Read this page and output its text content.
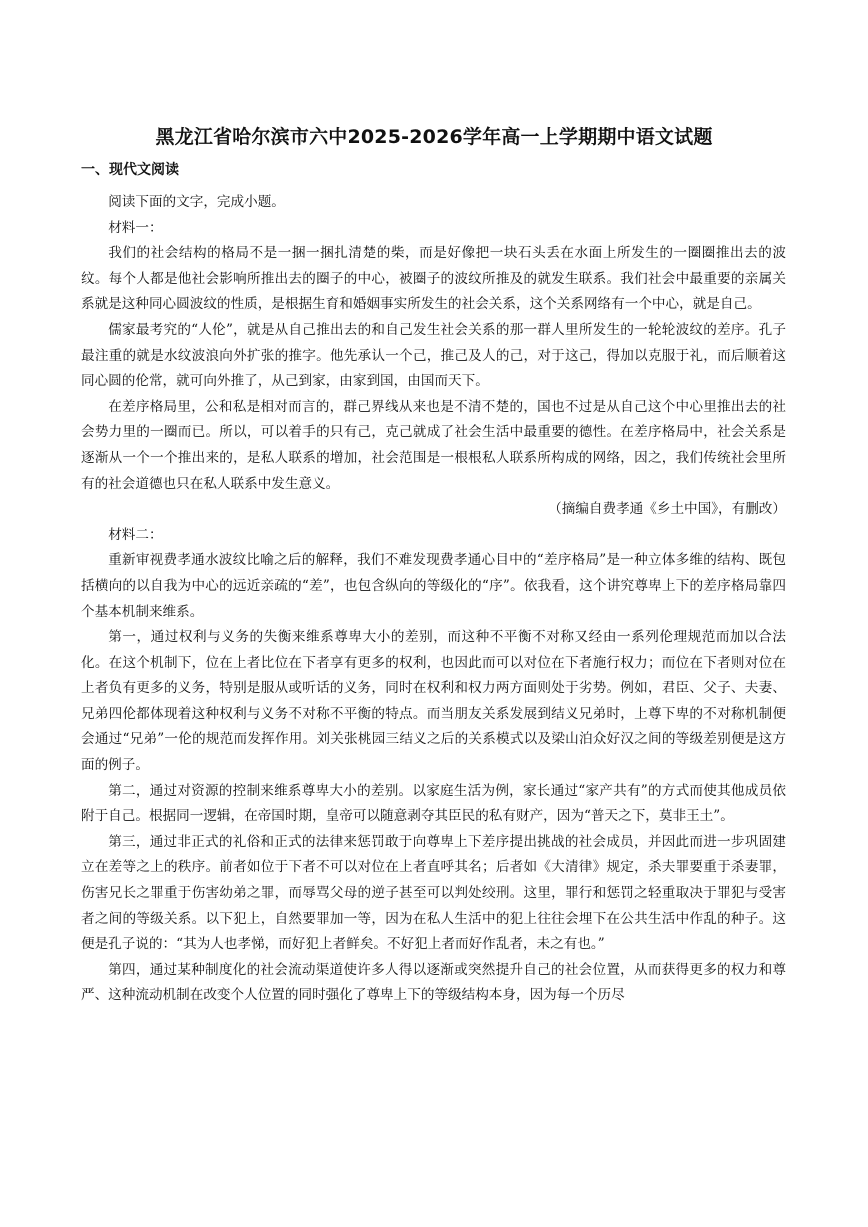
黑龙江省哈尔滨市六中2025-2026学年高一上学期期中语文试题
一、现代文阅读

阅读下面的文字，完成小题。

材料一：

我们的社会结构的格局不是一捆一捆扎清楚的柴，而是好像把一块石头丢在水面上所发生的一圈圈推出去的波纹。每个人都是他社会影响所推出去的圈子的中心，被圈子的波纹所推及的就发生联系。我们社会中最重要的亲属关系就是这种同心圆波纹的性质，是根据生育和婚姻事实所发生的社会关系，这个关系网络有一个中心，就是自己。

儒家最考究的“人伦”，就是从自己推出去的和自己发生社会关系的那一群人里所发生的一轮轮波纹的差序。孔子最注重的就是水纹波浪向外扩张的推字。他先承认一个己，推己及人的己，对于这己，得加以克服于礼，而后顺着这同心圆的伦常，就可向外推了，从己到家，由家到国，由国而天下。

在差序格局里，公和私是相对而言的，群己界线从来也是不清不楚的，国也不过是从自己这个中心里推出去的社会势力里的一圈而已。所以，可以着手的只有己，克己就成了社会生活中最重要的德性。在差序格局中，社会关系是逐渐从一个一个推出来的，是私人联系的增加，社会范围是一根根私人联系所构成的网络，因之，我们传统社会里所有的社会道德也只在私人联系中发生意义。

（摘编自费孝通《乡土中国》，有删改）

材料二：

重新审视费孝通水波纹比喻之后的解释，我们不难发现费孝通心目中的“差序格局”是一种立体多维的结构、既包括横向的以自我为中心的远近亲疏的“差”，也包含纵向的等级化的“序”。依我看，这个讲究尊卑上下的差序格局靠四个基本机制来维系。

第一，通过权利与义务的失衡来维系尊卑大小的差别，而这种不平衡不对称又经由一系列伦理规范而加以合法化。在这个机制下，位在上者比位在下者享有更多的权利，也因此而可以对位在下者施行权力；而位在下者则对位在上者负有更多的义务，特别是服从或听话的义务，同时在权利和权力两方面则处于劣势。例如，君臣、父子、夫妻、兄弟四伦都体现着这种权利与义务不对称不平衡的特点。而当朋友关系发展到结义兄弟时，上尊下卑的不对称机制便会通过“兄弟”一伦的规范而发挥作用。刘关张桃园三结义之后的关系模式以及梁山泊众好汉之间的等级差别便是这方面的例子。

第二，通过对资源的控制来维系尊卑大小的差别。以家庭生活为例，家长通过“家产共有”的方式而使其他成员依附于自己。根据同一逻辑，在帝国时期，皇帝可以随意剥夺其臣民的私有财产，因为“普天之下，莫非王土”。

第三，通过非正式的礼俗和正式的法律来惩罚敢于向尊卑上下差序提出挑战的社会成员，并因此而进一步巩固建立在差等之上的秩序。前者如位于下者不可以对位在上者直呼其名；后者如《大清律》规定，杀夫罪要重于杀妻罪，伤害兄长之罪重于伤害幼弟之罪，而辱骂父母的逆子甚至可以判处绞刑。这里，罪行和惩罚之轻重取决于罪犯与受害者之间的等级关系。以下犯上，自然要罪加一等，因为在私人生活中的犯上往往会埋下在公共生活中作乱的种子。这便是孔子说的：“其为人也孝悌，而好犯上者鲜矣。不好犯上者而好作乱者，未之有也。”

第四，通过某种制度化的社会流动渠道使许多人得以逐渐或突然提升自己的社会位置，从而获得更多的权力和尊严、这种流动机制在改变个人位置的同时强化了尊卑上下的等级结构本身，因为每一个历尽
